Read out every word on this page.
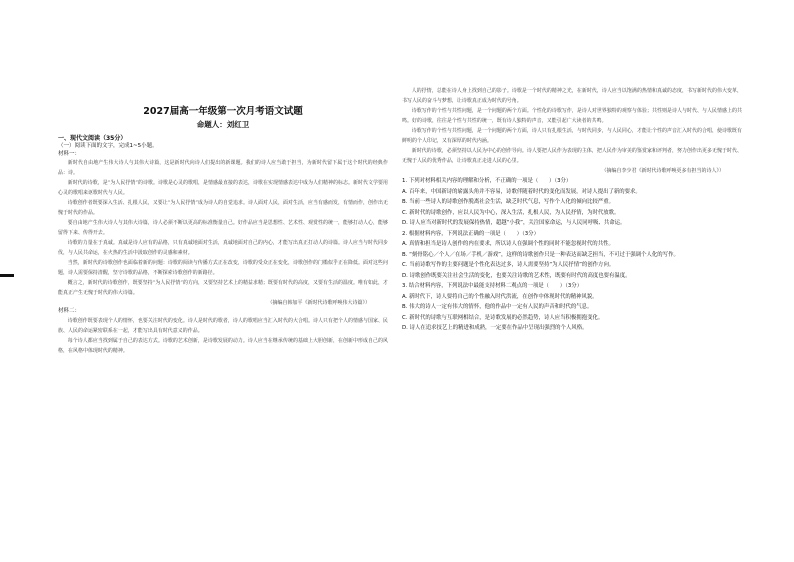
2027届高一年级第一次月考语文试题
命题人：刘红卫
一、现代文阅读（35分）
（一）阅读下面的文字，完成1~5小题。
材料一：

新时代自由地产生伟大诗人与其伟大诗篇，这是新时代向诗人们提出的新课题。我们的诗人应当敢于担当，为新时代留下属于这个时代的经典作品：诗。

新时代的诗歌，是“为人民抒情”的诗歌。诗歌是心灵的歌唱，是情感最直接的表达，诗歌在实现情感表达中成为人们精神的标志。新时代文学要用心灵的歌唱来讴歌时代与人民。

诗歌创作者既要深入生活、扎根人民，又要让“为人民抒情”成为诗人的自觉追求。诗人面对人民，面对生活，应当有感而发，有情而作，创作出无愧于时代的作品。

要自由地产生伟大诗人与其伟大诗篇，诗人必须不断以更高的标准衡量自己。好作品应当是思想性、艺术性、观赏性的统一，能够打动人心，能够留得下来、传得开去。

诗歌的力量在于真诚。真诚是诗人应有的品格，只有真诚地面对生活，真诚地面对自己的内心，才能写出真正打动人的诗篇。诗人应当与时代同步伐，与人民共命运，在火热的生活中汲取创作的灵感和素材。

当然，新时代的诗歌创作也面临着新的问题：诗歌的阅读与传播方式正在改变，诗歌的受众正在变化，诗歌创作的门槛似乎正在降低。面对这些问题，诗人需要保持清醒，坚守诗歌的品格，不断探索诗歌创作的新路径。

概言之，新时代的诗歌创作，既要坚持“为人民抒情”的方向，又要坚持艺术上的精益求精；既要有时代的高度，又要有生活的温度。唯有如此，才能真正产生无愧于时代的伟大诗篇。

（摘编自韩加平《新时代诗歌呼唤伟大诗篇》）
材料二：

诗歌创作既要表现个人的情怀，也要关注时代的变化。诗人是时代的歌者，诗人的歌唱应当汇入时代的大合唱。诗人只有把个人的情感与国家、民族、人民的命运紧密联系在一起，才能写出具有时代意义的作品。

每个诗人都应当找到属于自己的表达方式。诗歌的艺术创新，是诗歌发展的动力。诗人应当在继承传统的基础上大胆创新，在创新中形成自己的风格，在风格中体现时代的精神。

人的抒情，总能在诗人身上找到自己的影子。诗歌是一个时代的精神之光，在新时代，诗人应当以饱满的热情和真诚的态度，书写新时代的伟大变革，书写人民的奋斗与梦想，让诗歌真正成为时代的号角。

诗歌写作的个性与共性问题，是一个问题的两个方面。个性化的诗歌写作，是诗人对世界独特的观察与体验；共性则是诗人与时代、与人民情感上的共鸣。好的诗歌，往往是个性与共性的统一，既有诗人独特的声音，又能引起广大读者的共鸣。

诗歌写作的个性与共性问题，是一个问题的两个方面，诗人只有扎根生活，与时代同步，与人民同心，才能让个性的声音汇入时代的合唱，使诗歌既有鲜明的个人印记，又有深厚的时代内涵。

新时代的诗歌，必须坚持以人民为中心的创作导向。诗人要把人民作为表现的主体，把人民作为审美的鉴赏家和评判者，努力创作出更多无愧于时代、无愧于人民的优秀作品，让诗歌真正走进人民的心里。

（摘编自李少君《新时代诗歌呼唤更多有担当的诗人》）
1. 下列对材料相关内容的理解和分析，不正确的一项是（　　）（3分）
A. 百年来，中国新诗的崭露头角并不容易，诗歌伴随着时代的变化而发展，对诗人提出了新的要求。
B. 当前一些诗人的诗歌创作脱离社会生活，缺乏时代气息，写作个人化的倾向比较严重。
C. 新时代的诗歌创作，应以人民为中心，深入生活，扎根人民，为人民抒情，为时代放歌。
D. 诗人应当对新时代的发展保持热情，超越“小我”，关注国家命运，与人民同呼吸、共命运。
2. 根据材料内容，下列说法正确的一项是（　　）（3分）
A. 真情和担当是诗人创作的内在要求，所以诗人在强调个性的同时不能忽视时代的共性。
B. “刻骨铭心／个人／在场／手机／游戏”，这样的诗歌创作只是一种表达而缺乏担当，不可过于强调个人化的写作。
C. 当前诗歌写作的主要问题是个性化表达过多，诗人需要坚持“为人民抒情”的创作方向。
D. 诗歌创作既要关注社会生活的变化，也要关注诗歌的艺术性，既要有时代的高度也要有温度。
3. 结合材料内容，下列说法中最能支持材料二观点的一项是（　　）（3分）
A. 新时代下，诗人要将自己的个性融入时代洪流，在创作中体现时代的精神风貌。
B. 伟大的诗人一定有伟大的情怀，他的作品中一定有人民的声音和时代的气息。
C. 新时代的诗歌与互联网相结合，是诗歌发展的必然趋势，诗人应当积极拥抱变化。
D. 诗人在追求技艺上的精进和成熟，一定要在作品中呈现出强烈的个人风格。
